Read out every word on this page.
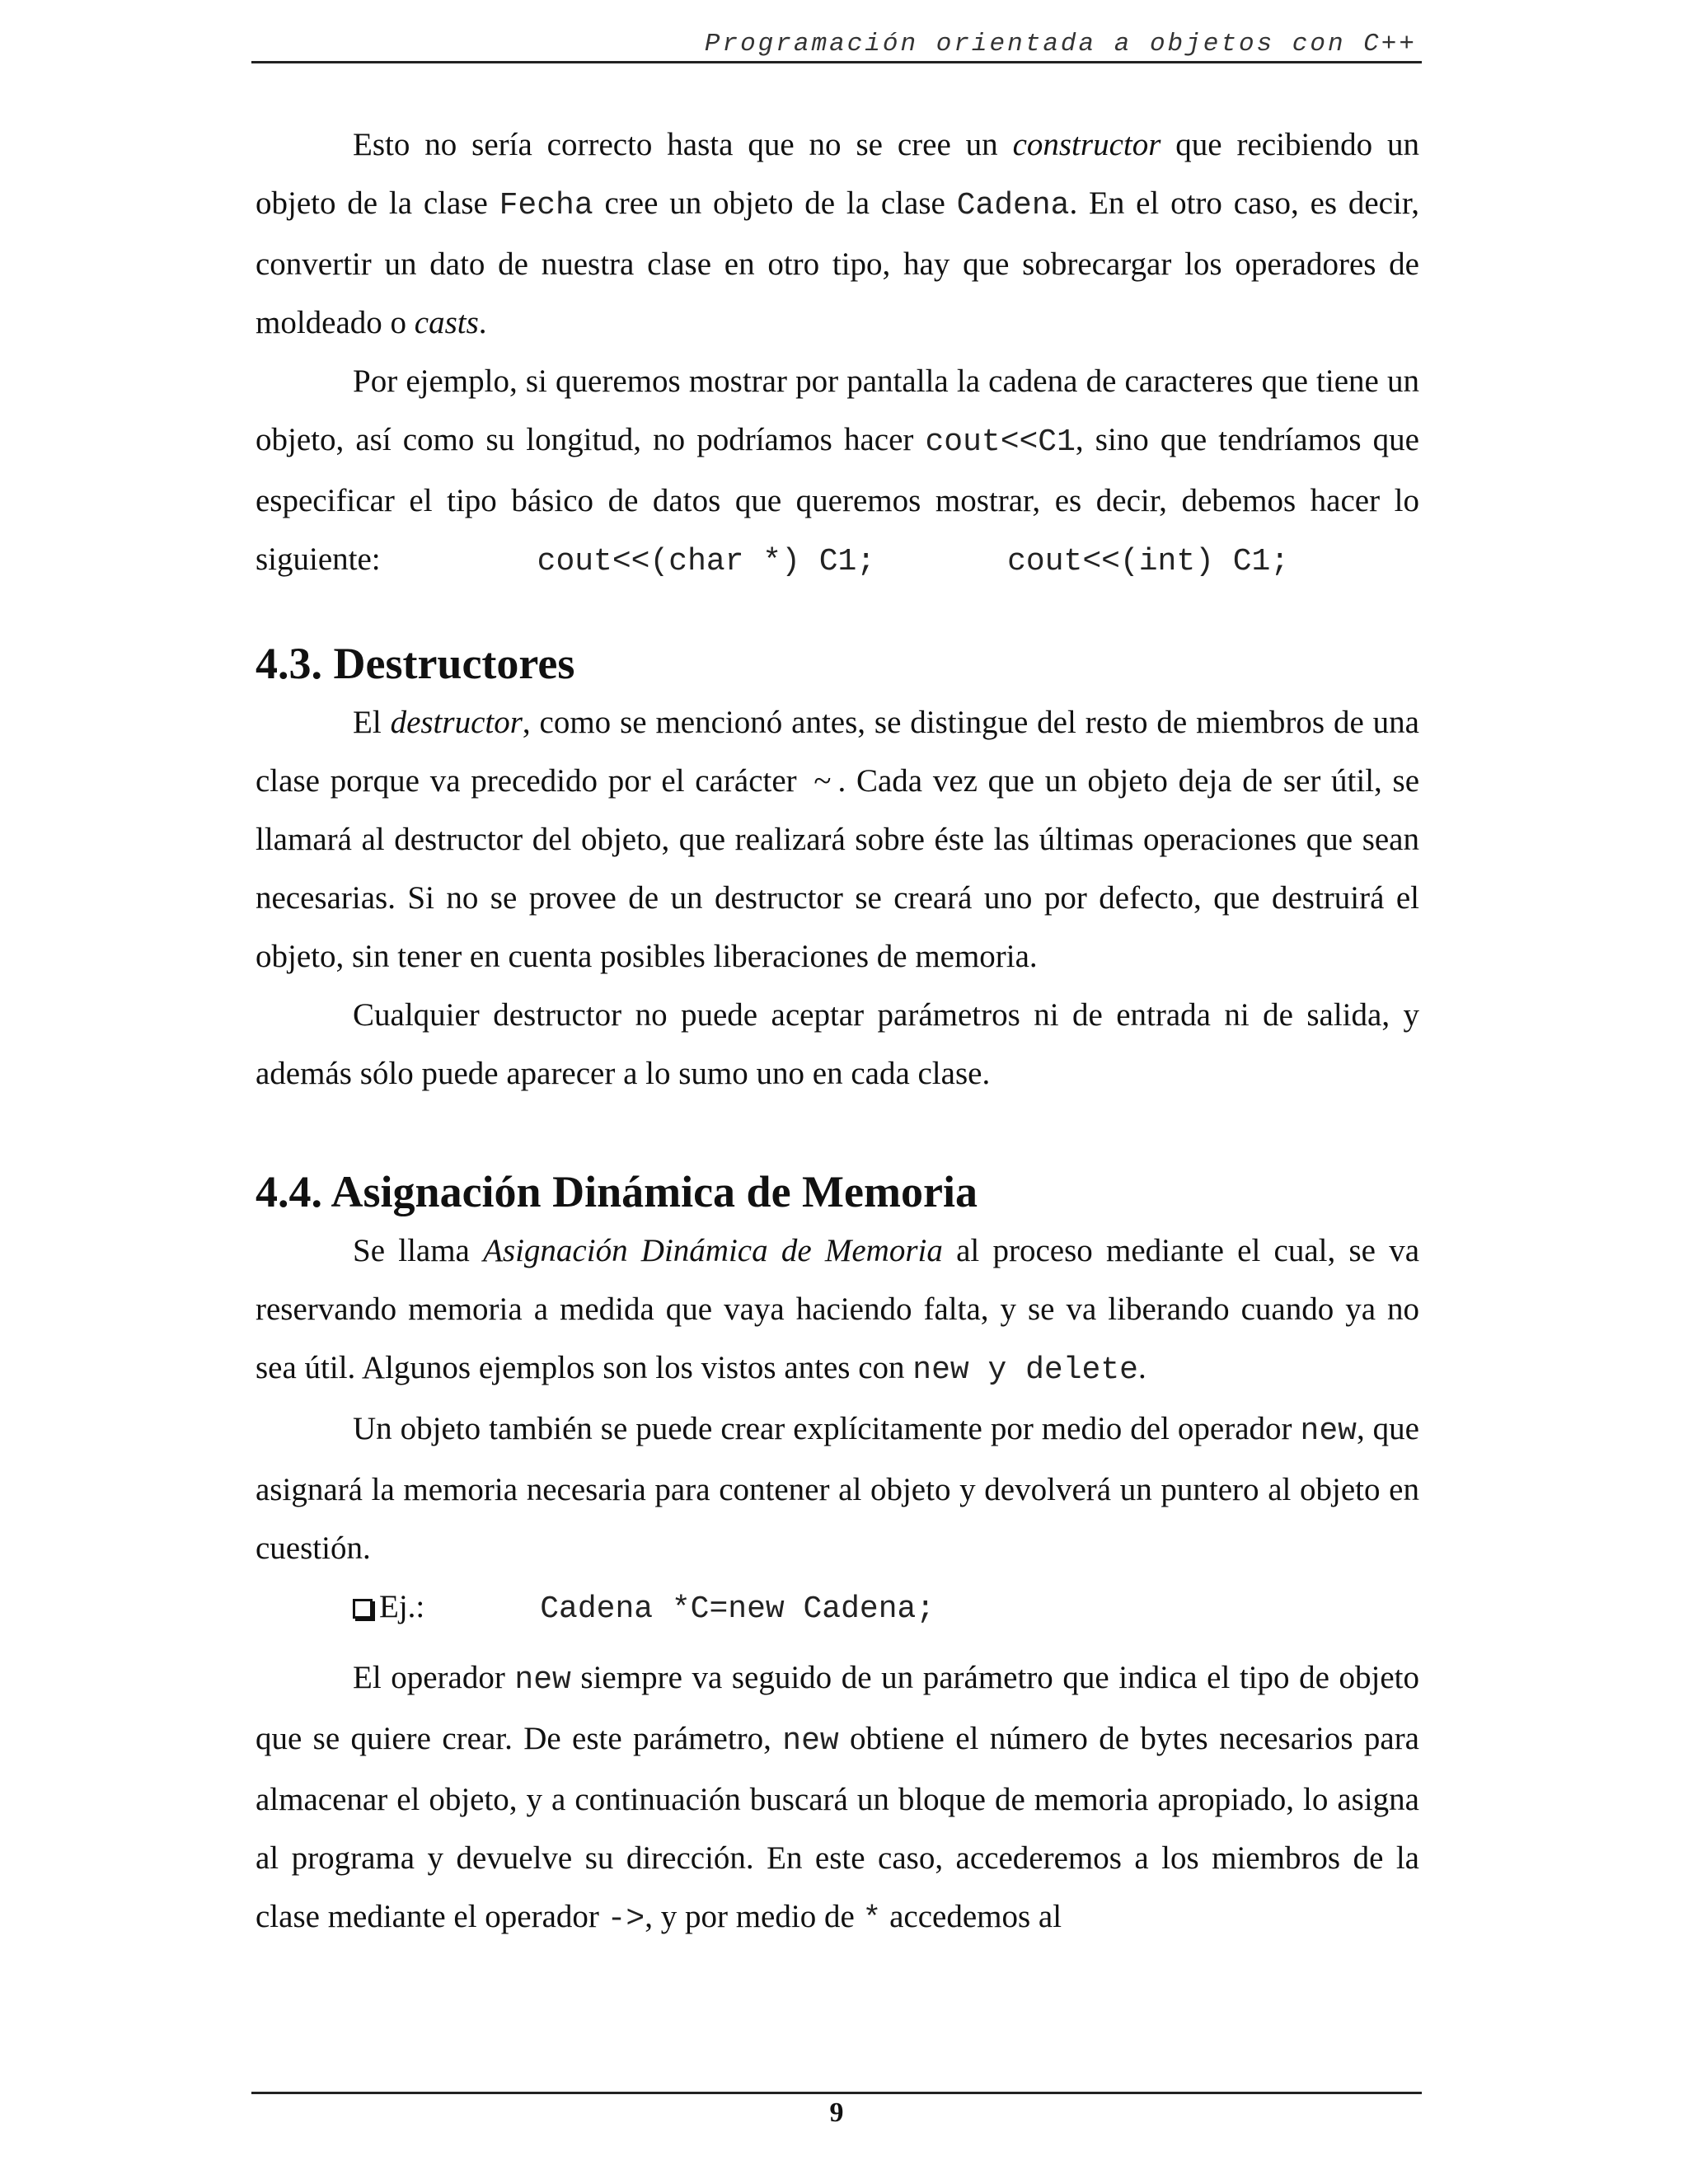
Programación orientada a objetos con C++

Esto no sería correcto hasta que no se cree un constructor que recibiendo un objeto de la clase Fecha cree un objeto de la clase Cadena. En el otro caso, es decir, convertir un dato de nuestra clase en otro tipo, hay que sobrecargar los operadores de moldeado o casts.

Por ejemplo, si queremos mostrar por pantalla la cadena de caracteres que tiene un objeto, así como su longitud, no podríamos hacer cout<<C1, sino que tendríamos que especificar el tipo básico de datos que queremos mostrar, es decir, debemos hacer lo siguiente:	cout<<(char *) C1;	cout<<(int) C1;

4.3. Destructores

El destructor, como se mencionó antes, se distingue del resto de miembros de una clase porque va precedido por el carácter ~ . Cada vez que un objeto deja de ser útil, se llamará al destructor del objeto, que realizará sobre éste las últimas operaciones que sean necesarias. Si no se provee de un destructor se creará uno por defecto, que destruirá el objeto, sin tener en cuenta posibles liberaciones de memoria.

Cualquier destructor no puede aceptar parámetros ni de entrada ni de salida, y además sólo puede aparecer a lo sumo uno en cada clase.

4.4. Asignación Dinámica de Memoria

Se llama Asignación Dinámica de Memoria al proceso mediante el cual, se va reservando memoria a medida que vaya haciendo falta, y se va liberando cuando ya no sea útil. Algunos ejemplos son los vistos antes con new y delete.

Un objeto también se puede crear explícitamente por medio del operador new, que asignará la memoria necesaria para contener al objeto y devolverá un puntero al objeto en cuestión.

Ej.:	Cadena *C=new Cadena;

El operador new siempre va seguido de un parámetro que indica el tipo de objeto que se quiere crear. De este parámetro, new obtiene el número de bytes necesarios para almacenar el objeto, y a continuación buscará un bloque de memoria apropiado, lo asigna al programa y devuelve su dirección. En este caso, accederemos a los miembros de la clase mediante el operador ->, y por medio de * accedemos al

9
